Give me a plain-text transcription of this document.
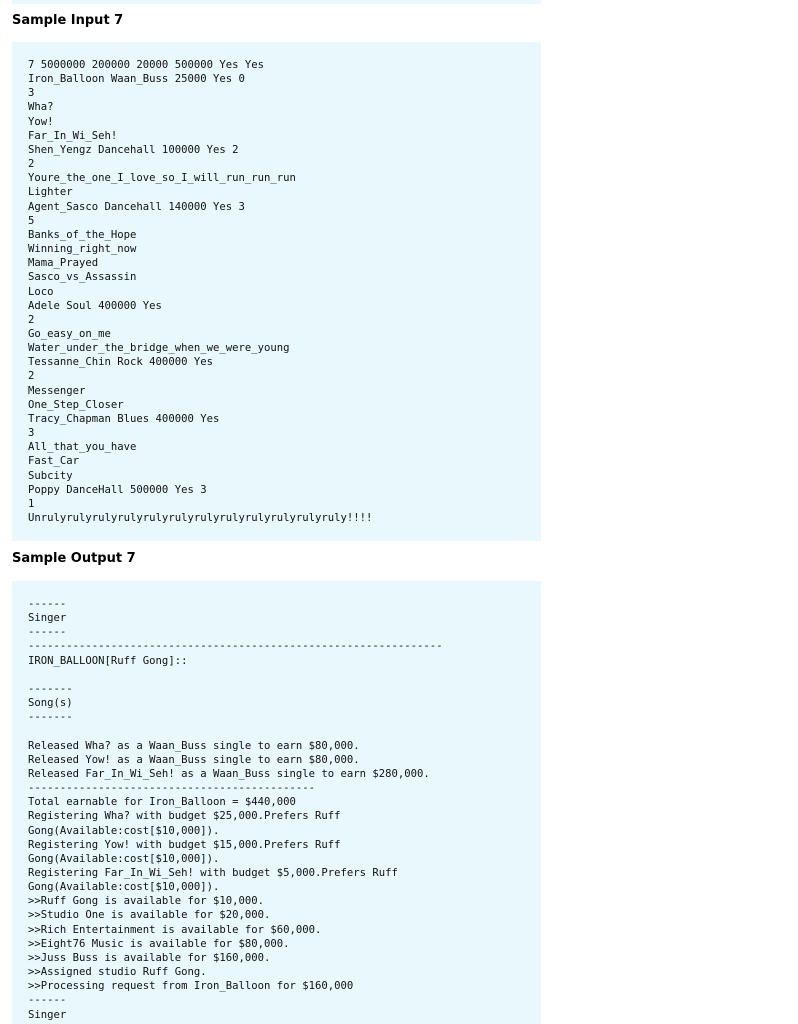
Sample Input 7
7 5000000 200000 20000 500000 Yes Yes
Iron_Balloon Waan_Buss 25000 Yes 0
3
Wha?
Yow!
Far_In_Wi_Seh!
Shen_Yengz Dancehall 100000 Yes 2
2
Youre_the_one_I_love_so_I_will_run_run_run
Lighter
Agent_Sasco Dancehall 140000 Yes 3
5
Banks_of_the_Hope
Winning_right_now
Mama_Prayed
Sasco_vs_Assassin
Loco
Adele Soul 400000 Yes
2
Go_easy_on_me
Water_under_the_bridge_when_we_were_young
Tessanne_Chin Rock 400000 Yes
2
Messenger
One_Step_Closer
Tracy_Chapman Blues 400000 Yes
3
All_that_you_have
Fast_Car
Subcity
Poppy DanceHall 500000 Yes 3
1
Unrulyrulyrulyrulyrulyrulyrulyrulyrulyrulyrulyruly!!!!
Sample Output 7
------
Singer
------
-----------------------------------------------------------------
IRON_BALLOON[Ruff Gong]::

-------
Song(s)
-------

Released Wha? as a Waan_Buss single to earn $80,000.
Released Yow! as a Waan_Buss single to earn $80,000.
Released Far_In_Wi_Seh! as a Waan_Buss single to earn $280,000.
---------------------------------------------
Total earnable for Iron_Balloon = $440,000
Registering Wha? with budget $25,000.Prefers Ruff
Gong(Available:cost[$10,000]).
Registering Yow! with budget $15,000.Prefers Ruff
Gong(Available:cost[$10,000]).
Registering Far_In_Wi_Seh! with budget $5,000.Prefers Ruff
Gong(Available:cost[$10,000]).
>>Ruff Gong is available for $10,000.
>>Studio One is available for $20,000.
>>Rich Entertainment is available for $60,000.
>>Eight76 Music is available for $80,000.
>>Juss Buss is available for $160,000.
>>Assigned studio Ruff Gong.
>>Processing request from Iron_Balloon for $160,000
------
Singer
